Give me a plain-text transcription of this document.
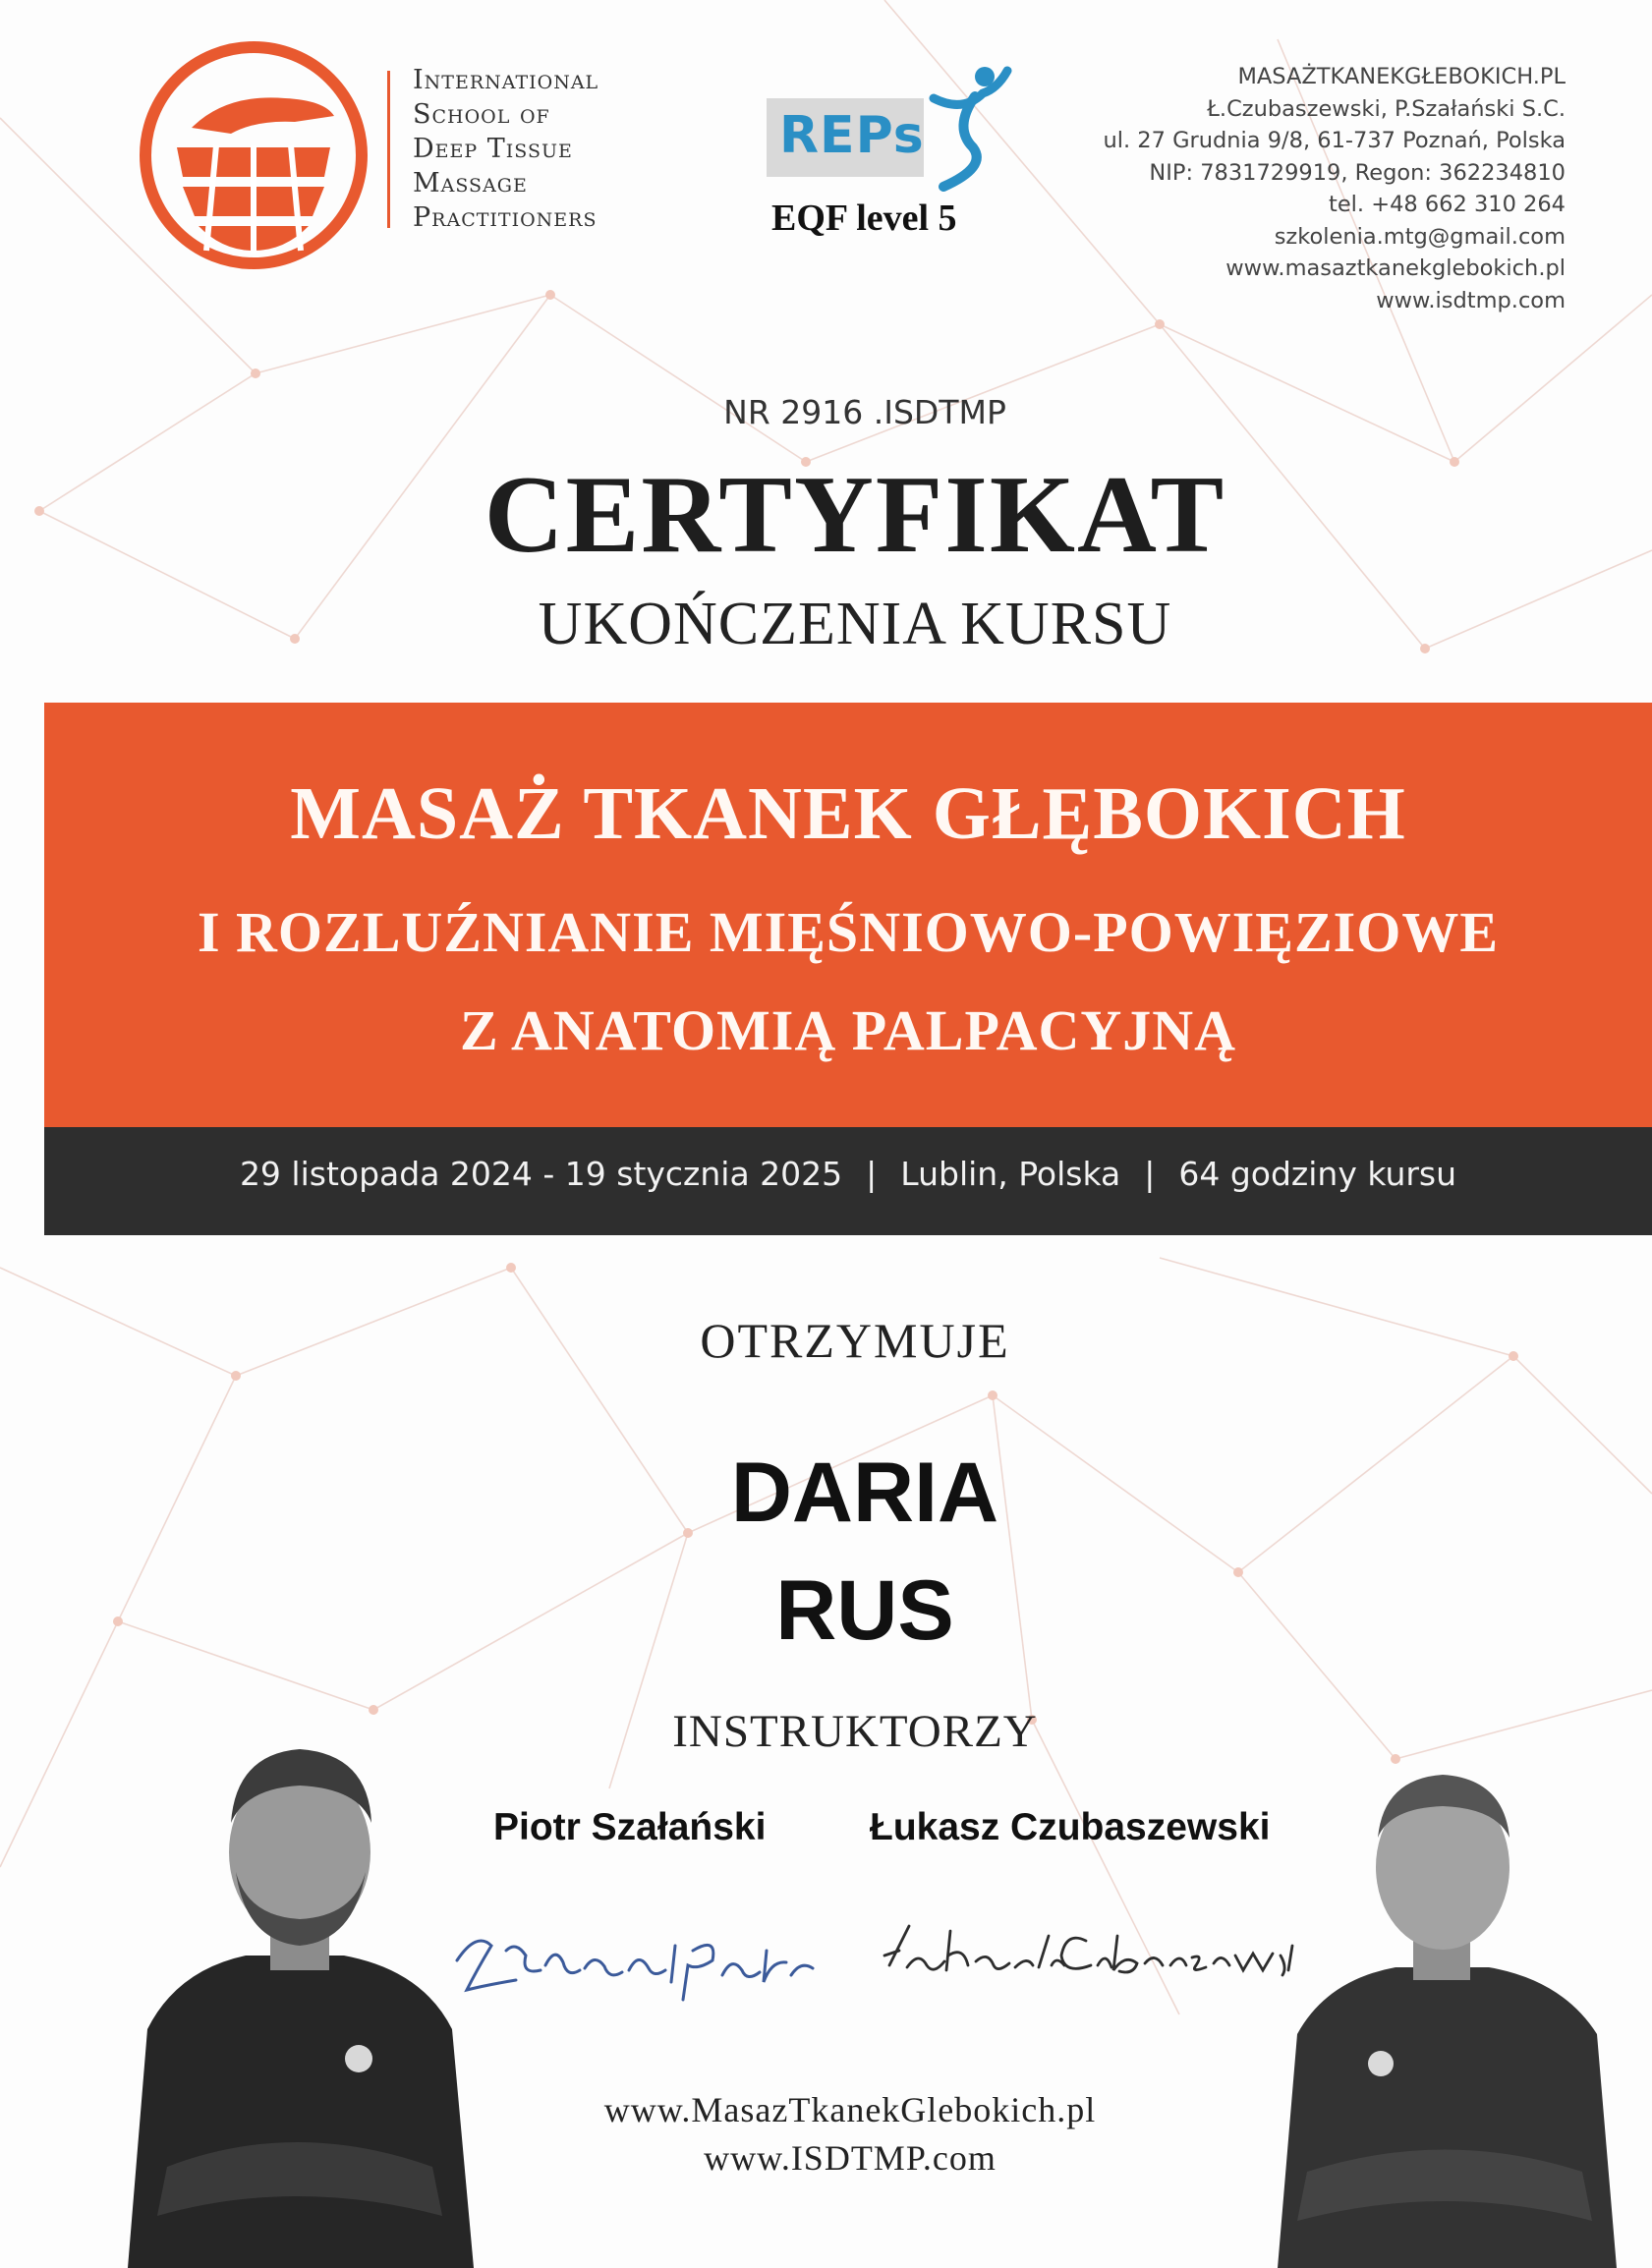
International
School of
Deep Tissue
Massage
Practitioners
REPs
EQF level 5
MASAŻTKANEKGŁEBOKICH.PL
Ł.Czubaszewski, P.Szałański S.C.
ul. 27 Grudnia 9/8, 61-737 Poznań, Polska
NIP: 7831729919, Regon: 362234810
tel. +48 662 310 264
szkolenia.mtg@gmail.com
www.masaztkanekglebokich.pl
www.isdtmp.com
NR 2916 .ISDTMP
CERTYFIKAT
UKOŃCZENIA KURSU
MASAŻ TKANEK GŁĘBOKICH
I ROZLUŹNIANIE MIĘŚNIOWO-POWIĘZIOWE
Z ANATOMIĄ PALPACYJNĄ
29 listopada 2024 - 19 stycznia 2025 | Lublin, Polska | 64 godziny kursu
OTRZYMUJE
DARIA
RUS
INSTRUKTORZY
Piotr Szałański	Łukasz Czubaszewski
www.MasazTkanekGlebokich.pl
www.ISDTMP.com
